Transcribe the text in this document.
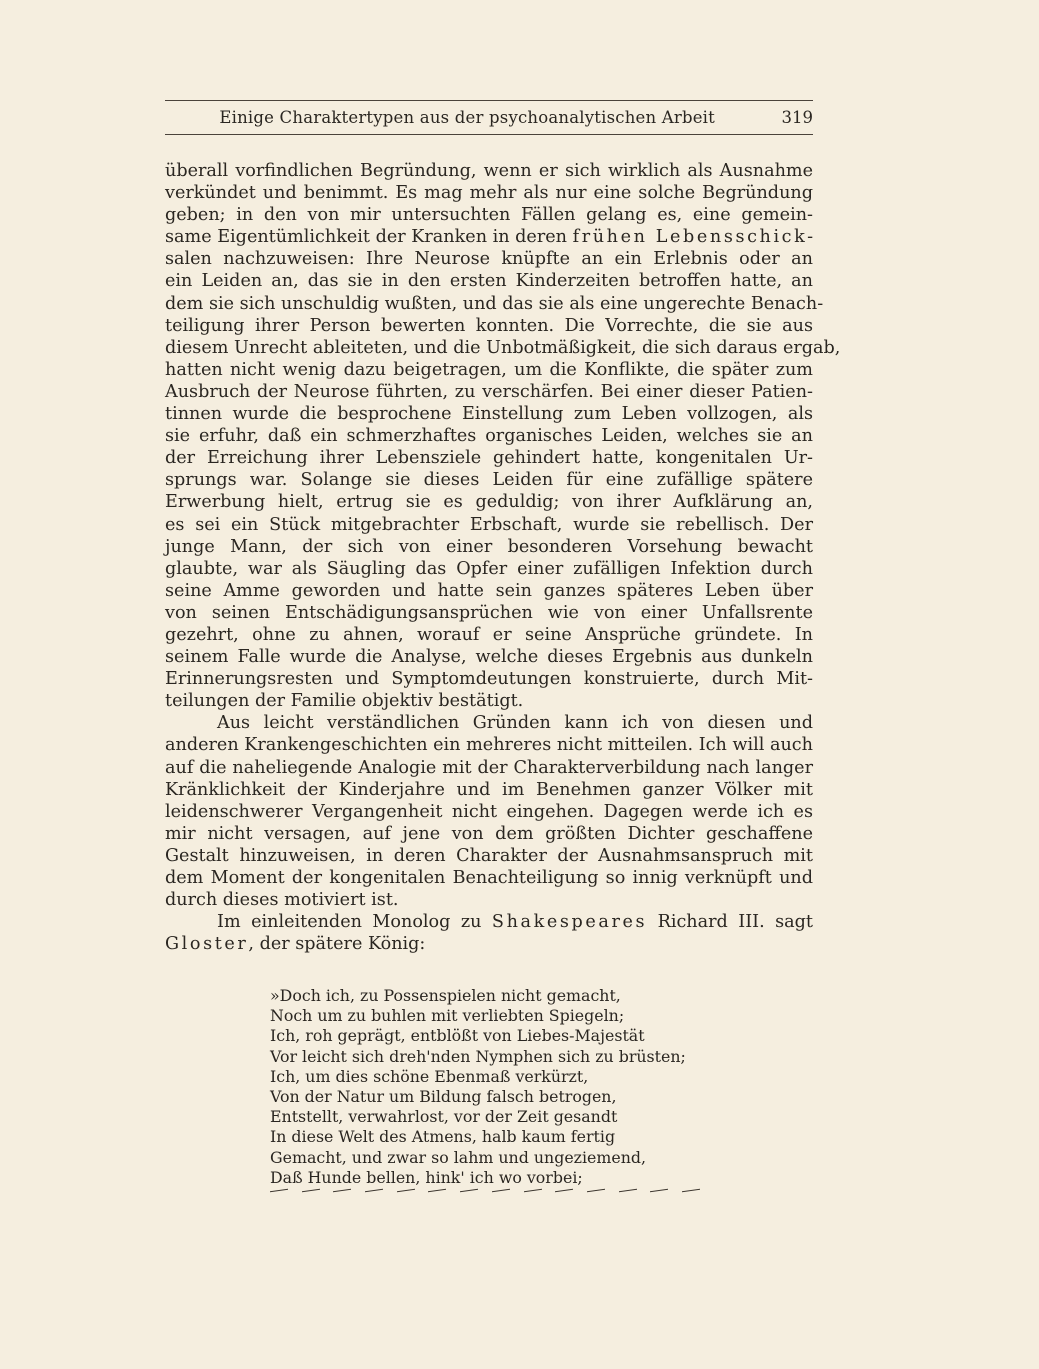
Einige Charaktertypen aus der psychoanalytischen Arbeit	319
überall vorfindlichen Begründung, wenn er sich wirklich als Ausnahme
verkündet und benimmt. Es mag mehr als nur eine solche Begründung
geben; in den von mir untersuchten Fällen gelang es, eine gemein-
same Eigentümlichkeit der Kranken in deren frühen Lebensschick-
salen nachzuweisen: Ihre Neurose knüpfte an ein Erlebnis oder an
ein Leiden an, das sie in den ersten Kinderzeiten betroffen hatte, an
dem sie sich unschuldig wußten, und das sie als eine ungerechte Benach-
teiligung ihrer Person bewerten konnten. Die Vorrechte, die sie aus
diesem Unrecht ableiteten, und die Unbotmäßigkeit, die sich daraus ergab,
hatten nicht wenig dazu beigetragen, um die Konflikte, die später zum
Ausbruch der Neurose führten, zu verschärfen. Bei einer dieser Patien-
tinnen wurde die besprochene Einstellung zum Leben vollzogen, als
sie erfuhr, daß ein schmerzhaftes organisches Leiden, welches sie an
der Erreichung ihrer Lebensziele gehindert hatte, kongenitalen Ur-
sprungs war. Solange sie dieses Leiden für eine zufällige spätere
Erwerbung hielt, ertrug sie es geduldig; von ihrer Aufklärung an,
es sei ein Stück mitgebrachter Erbschaft, wurde sie rebellisch. Der
junge Mann, der sich von einer besonderen Vorsehung bewacht
glaubte, war als Säugling das Opfer einer zufälligen Infektion durch
seine Amme geworden und hatte sein ganzes späteres Leben über
von seinen Entschädigungsansprüchen wie von einer Unfallsrente
gezehrt, ohne zu ahnen, worauf er seine Ansprüche gründete. In
seinem Falle wurde die Analyse, welche dieses Ergebnis aus dunkeln
Erinnerungsresten und Symptomdeutungen konstruierte, durch Mit-
teilungen der Familie objektiv bestätigt.
Aus leicht verständlichen Gründen kann ich von diesen und
anderen Krankengeschichten ein mehreres nicht mitteilen. Ich will auch
auf die naheliegende Analogie mit der Charakterverbildung nach langer
Kränklichkeit der Kinderjahre und im Benehmen ganzer Völker mit
leidenschwerer Vergangenheit nicht eingehen. Dagegen werde ich es
mir nicht versagen, auf jene von dem größten Dichter geschaffene
Gestalt hinzuweisen, in deren Charakter der Ausnahmsanspruch mit
dem Moment der kongenitalen Benachteiligung so innig verknüpft und
durch dieses motiviert ist.
Im einleitenden Monolog zu Shakespeares Richard III. sagt
Gloster, der spätere König:
»Doch ich, zu Possenspielen nicht gemacht,
Noch um zu buhlen mit verliebten Spiegeln;
Ich, roh geprägt, entblößt von Liebes-Majestät
Vor leicht sich dreh'nden Nymphen sich zu brüsten;
Ich, um dies schöne Ebenmaß verkürzt,
Von der Natur um Bildung falsch betrogen,
Entstellt, verwahrlost, vor der Zeit gesandt
In diese Welt des Atmens, halb kaum fertig
Gemacht, und zwar so lahm und ungeziemend,
Daß Hunde bellen, hink' ich wo vorbei;
